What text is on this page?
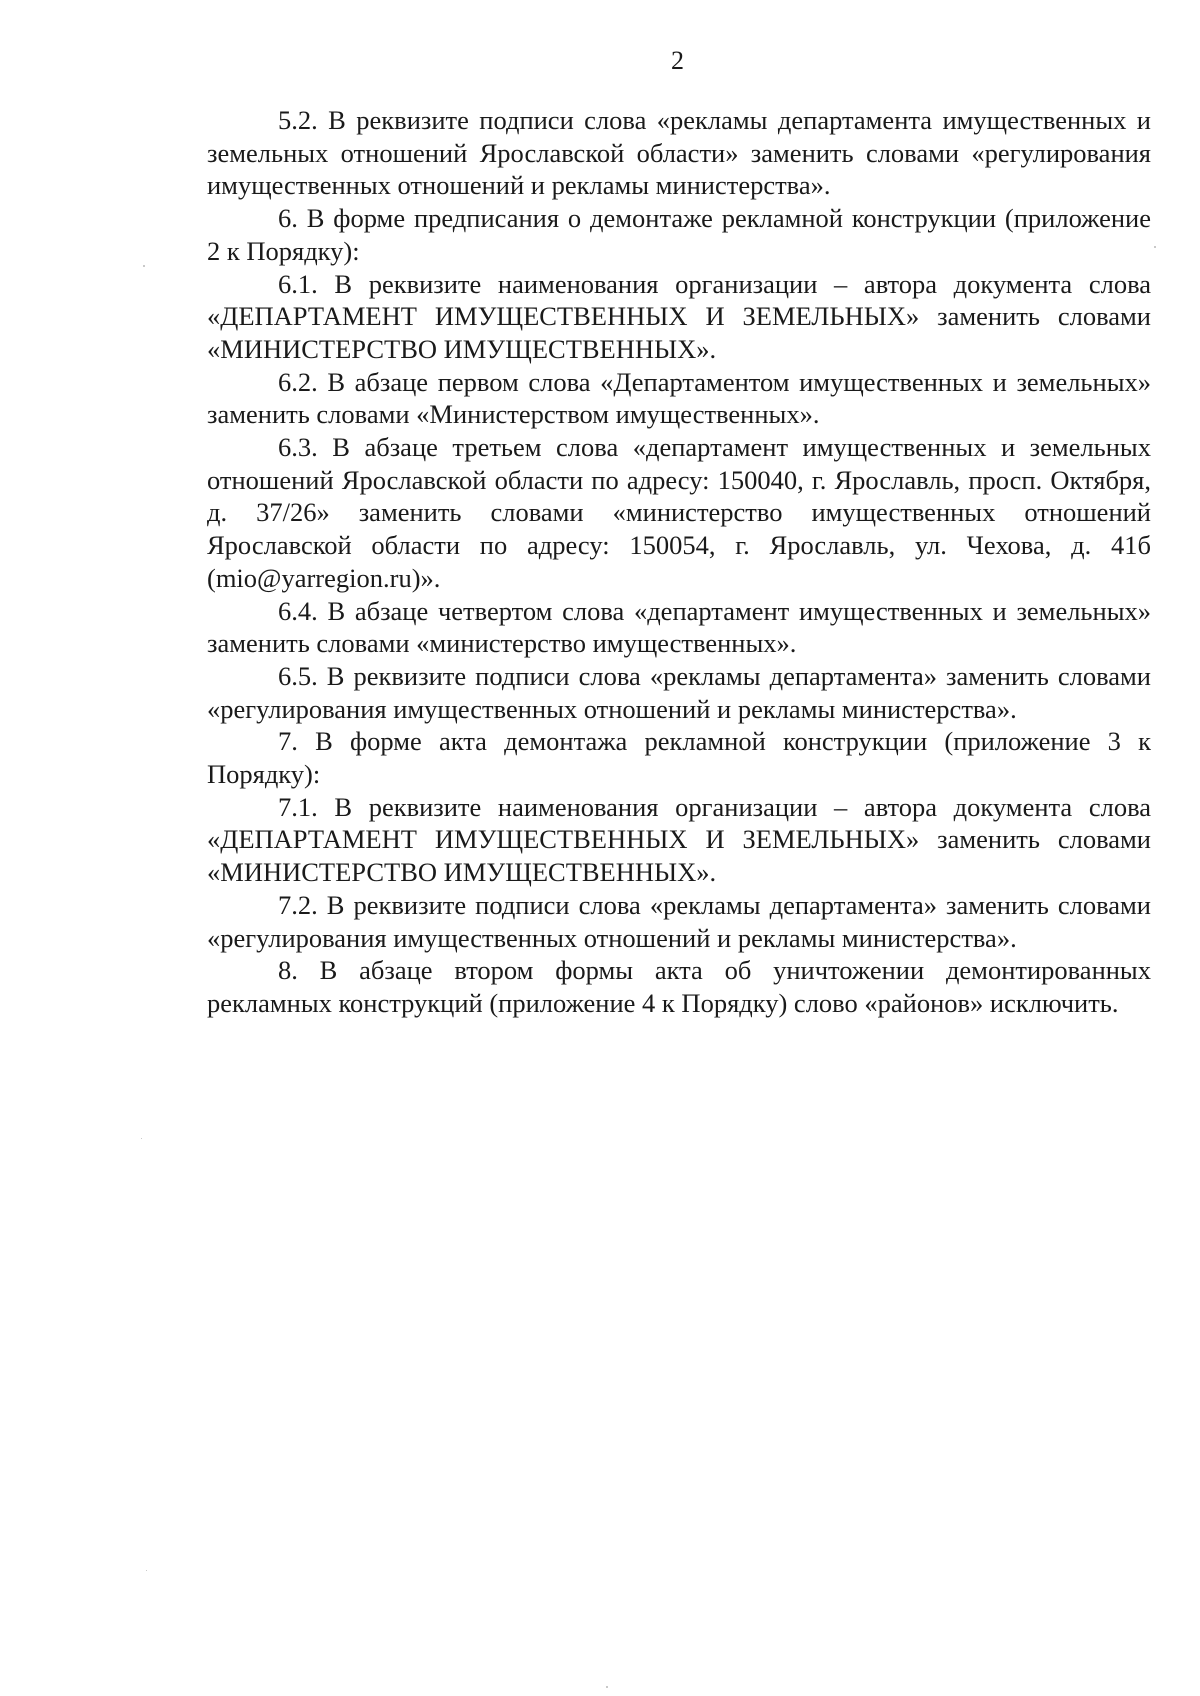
2

5.2. В реквизите подписи слова «рекламы департамента имущественных и земельных отношений Ярославской области» заменить словами «регулирования имущественных отношений и рекламы министерства».

6. В форме предписания о демонтаже рекламной конструкции (приложение 2 к Порядку):

6.1. В реквизите наименования организации – автора документа слова «ДЕПАРТАМЕНТ ИМУЩЕСТВЕННЫХ И ЗЕМЕЛЬНЫХ» заменить словами «МИНИСТЕРСТВО ИМУЩЕСТВЕННЫХ».

6.2. В абзаце первом слова «Департаментом имущественных и земельных» заменить словами «Министерством имущественных».

6.3. В абзаце третьем слова «департамент имущественных и земельных отношений Ярославской области по адресу: 150040, г. Ярославль, просп. Октября, д. 37/26» заменить словами «министерство имущественных отношений Ярославской области по адресу: 150054, г. Ярославль, ул. Чехова, д. 41б (mio@yarregion.ru)».

6.4. В абзаце четвертом слова «департамент имущественных и земельных» заменить словами «министерство имущественных».

6.5. В реквизите подписи слова «рекламы департамента» заменить словами «регулирования имущественных отношений и рекламы министерства».

7. В форме акта демонтажа рекламной конструкции (приложение 3 к Порядку):

7.1. В реквизите наименования организации – автора документа слова «ДЕПАРТАМЕНТ ИМУЩЕСТВЕННЫХ И ЗЕМЕЛЬНЫХ» заменить словами «МИНИСТЕРСТВО ИМУЩЕСТВЕННЫХ».

7.2. В реквизите подписи слова «рекламы департамента» заменить словами «регулирования имущественных отношений и рекламы министерства».

8. В абзаце втором формы акта об уничтожении демонтированных рекламных конструкций (приложение 4 к Порядку) слово «районов» исключить.
